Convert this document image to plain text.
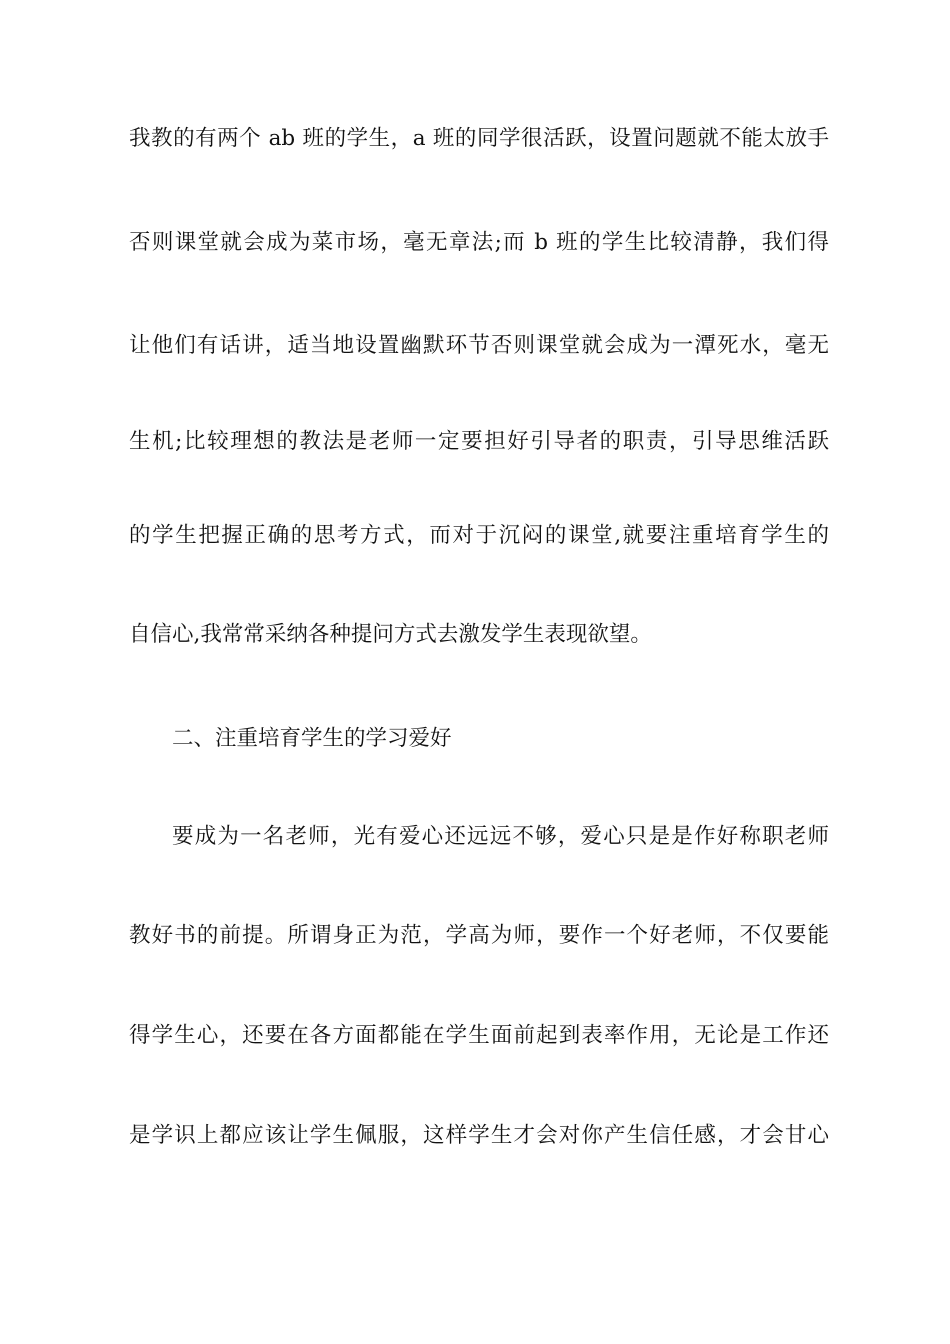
我教的有两个 ab 班的学生，a 班的同学很活跃，设置问题就不能太放手
否则课堂就会成为菜市场，毫无章法;而 b 班的学生比较清静，我们得
让他们有话讲，适当地设置幽默环节否则课堂就会成为一潭死水，毫无
生机;比较理想的教法是老师一定要担好引导者的职责，引导思维活跃
的学生把握正确的思考方式，而对于沉闷的课堂,就要注重培育学生的
自信心,我常常采纳各种提问方式去激发学生表现欲望。
二、注重培育学生的学习爱好
要成为一名老师，光有爱心还远远不够，爱心只是是作好称职老师
教好书的前提。所谓身正为范，学高为师，要作一个好老师，不仅要能
得学生心，还要在各方面都能在学生面前起到表率作用，无论是工作还
是学识上都应该让学生佩服，这样学生才会对你产生信任感，才会甘心
